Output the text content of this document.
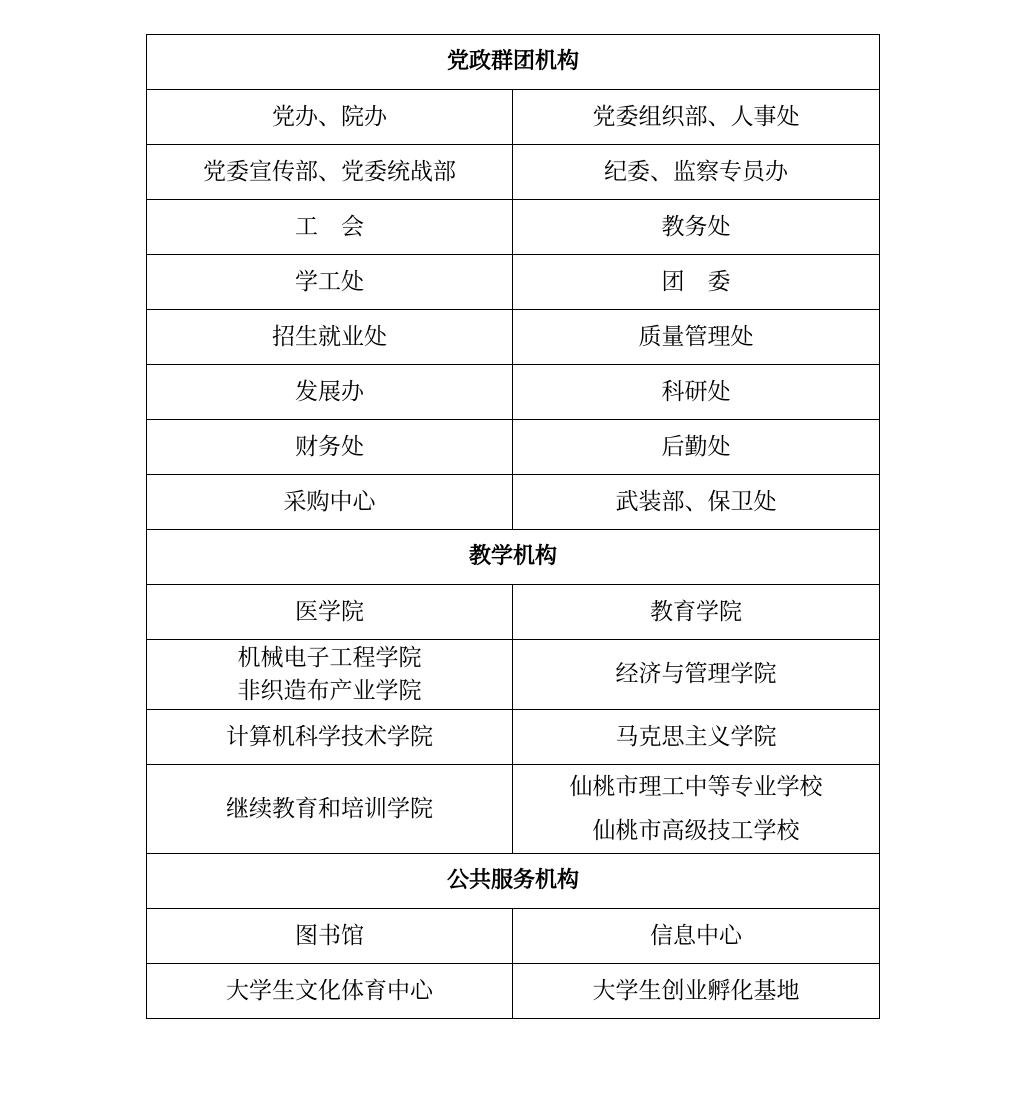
党政群团机构	
党办、院办	党委组织部、人事处
党委宣传部、党委统战部	纪委、监察专员办
工　会	教务处
学工处	团　委
招生就业处	质量管理处
发展办	科研处
财务处	后勤处
采购中心	武装部、保卫处
教学机构	
医学院	教育学院

机械电子工程学院
非织造布产业学院	经济与管理学院
计算机科学技术学院	马克思主义学院
继续教育和培训学院	仙桃市理工中等专业学校
仙桃市高级技工学校

公共服务机构	
图书馆	信息中心
大学生文化体育中心	大学生创业孵化基地
